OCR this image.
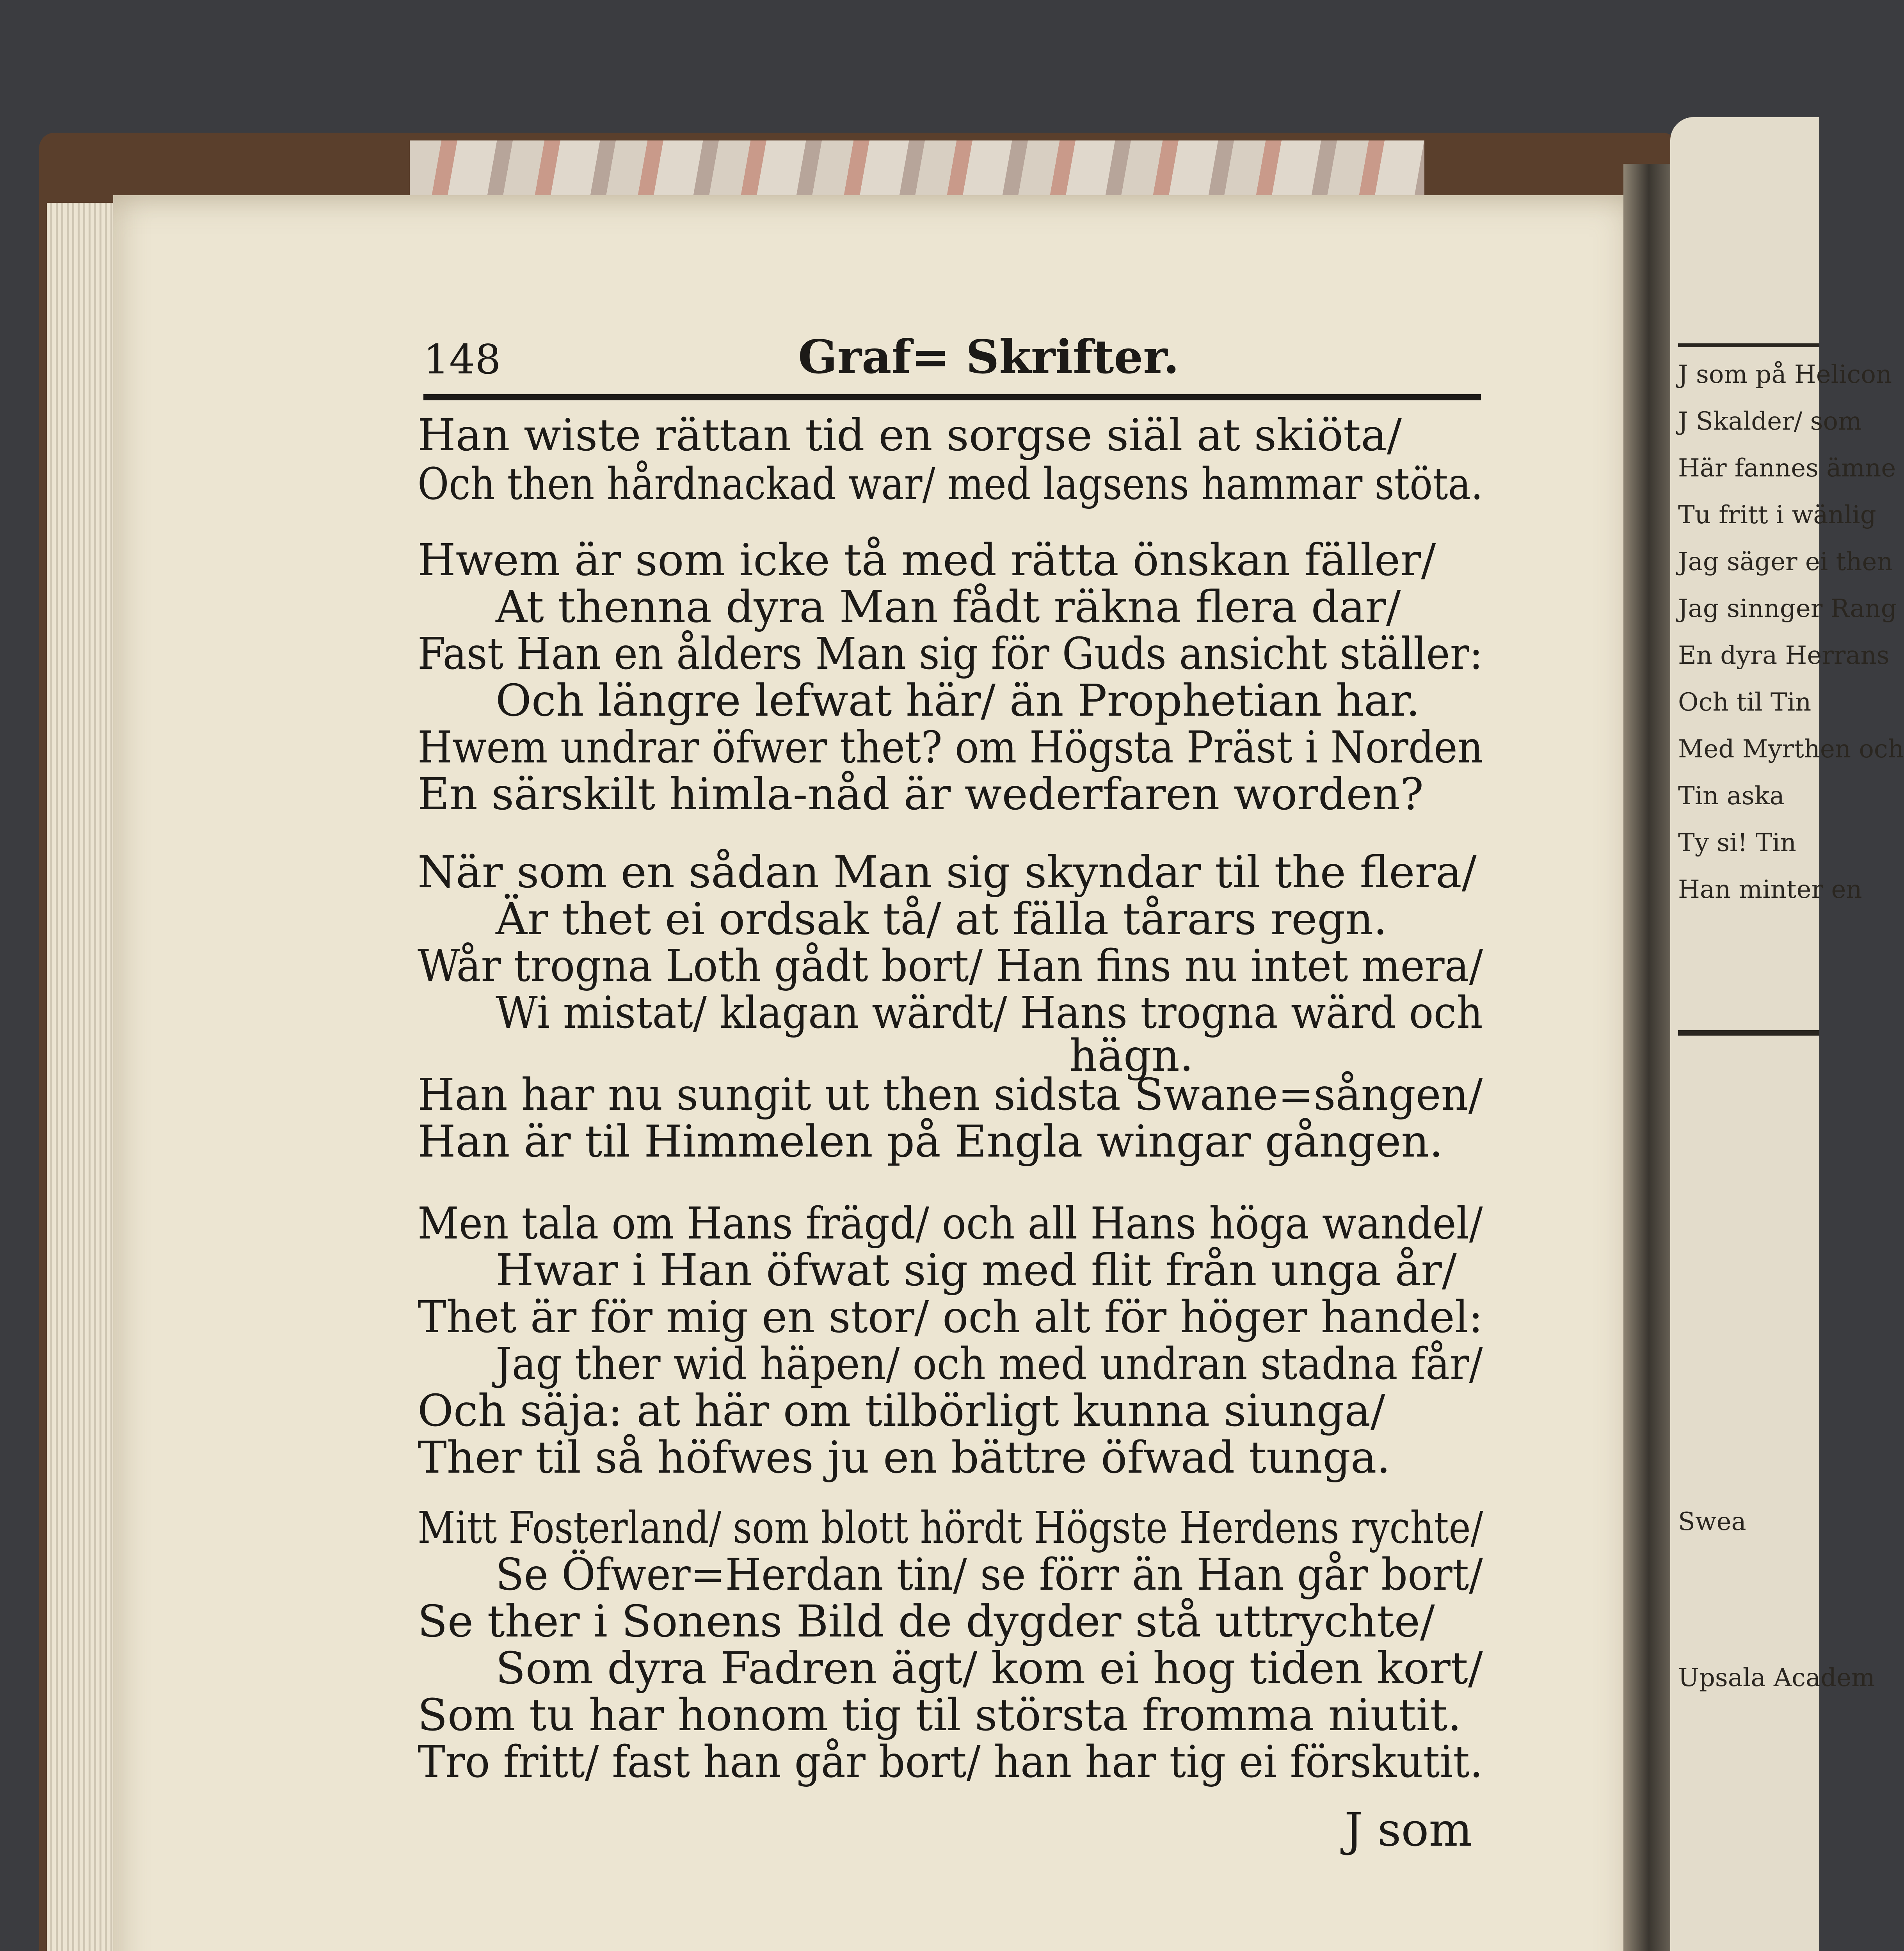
J som på Helicon
J Skalder/ som
Här fannes ämne
Tu fritt i wänlig
Jag säger ei then
Jag sinnger Rang
En dyra Herrans
Och til Tin
Med Myrthen och
Tin aska
Ty si! Tin
Han minter en
Swea
Upsala Academ
148	Graf= Skrifter.

Han wiste rättan tid en sorgse siäl at skiöta/

Och then hårdnackad war/ med lagsens hammar stöta.

Hwem är som icke tå med rätta önskan fäller/

At thenna dyra Man fådt räkna flera dar/

Fast Han en ålders Man sig för Guds ansicht ställer:

Och längre lefwat här/ än Prophetian har.

Hwem undrar öfwer thet? om Högsta Präst i Norden

En särskilt himla-nåd är wederfaren worden?

När som en sådan Man sig skyndar til the flera/

Är thet ei ordsak tå/ at fälla tårars regn.

Wår trogna Loth gådt bort/ Han fins nu intet mera/

Wi mistat/ klagan wärdt/ Hans trogna wärd och

hägn.

Han har nu sungit ut then sidsta Swane=sången/

Han är til Himmelen på Engla wingar gången.

Men tala om Hans frägd/ och all Hans höga wandel/

Hwar i Han öfwat sig med flit från unga år/

Thet är för mig en stor/ och alt för höger handel:

Jag ther wid häpen/ och med undran stadna får/

Och säja: at här om tilbörligt kunna siunga/

Ther til så höfwes ju en bättre öfwad tunga.

Mitt Fosterland/ som blott hördt Högste Herdens rychte/

Se Öfwer=Herdan tin/ se förr än Han går bort/

Se ther i Sonens Bild de dygder stå uttrychte/

Som dyra Fadren ägt/ kom ei hog tiden kort/

Som tu har honom tig til största fromma niutit.

Tro fritt/ fast han går bort/ han har tig ei förskutit.

J som
